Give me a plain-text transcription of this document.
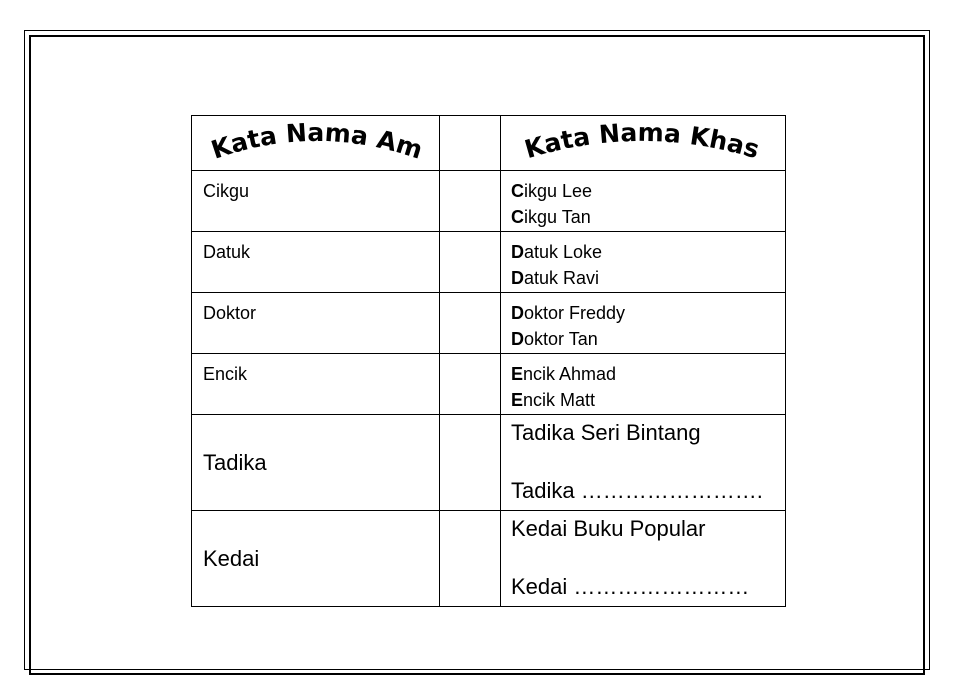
Kata Nama Am		Kata Nama Khas

Cikgu		Cikgu Lee
Cikgu Tan

Datuk		Datuk Loke
Datuk Ravi

Doktor		Doktor Freddy
Doktor Tan

Encik		Encik Ahmad
Encik Matt

Tadika		Tadika Seri Bintang
Tadika …………………….

Kedai		Kedai Buku Popular
Kedai ……………………
